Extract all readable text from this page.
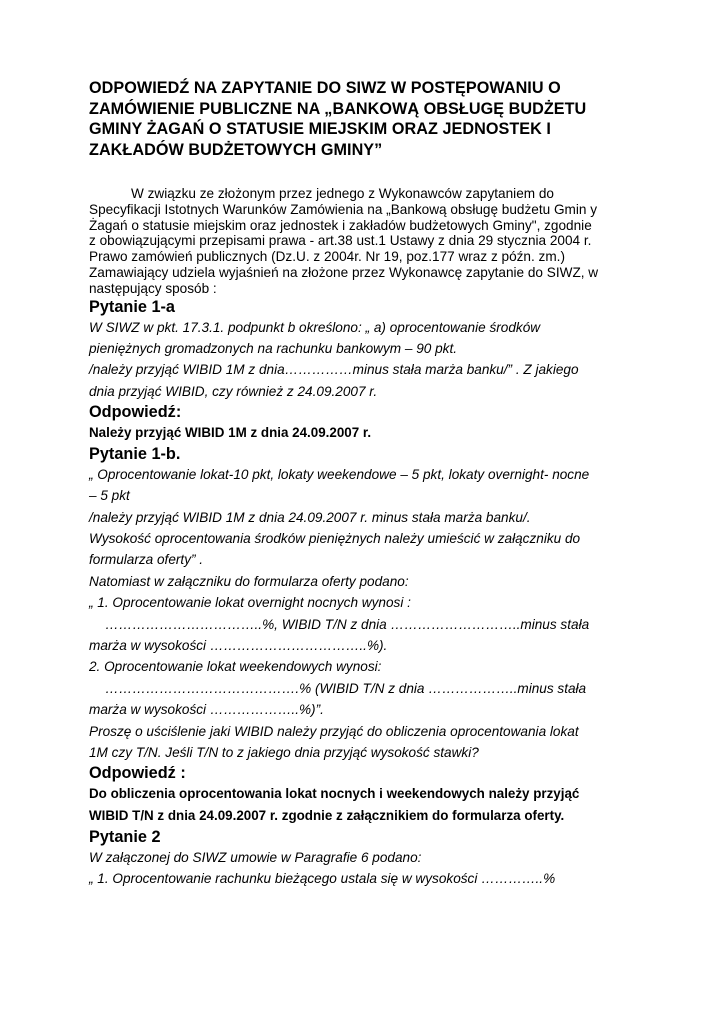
ODPOWIEDŹ NA ZAPYTANIE DO SIWZ W POSTĘPOWANIU O
ZAMÓWIENIE PUBLICZNE NA „BANKOWĄ OBSŁUGĘ BUDŻETU
GMINY ŻAGAŃ O STATUSIE MIEJSKIM ORAZ JEDNOSTEK I
ZAKŁADÓW BUDŻETOWYCH GMINY”
W związku ze złożonym przez jednego z Wykonawców zapytaniem do
Specyfikacji Istotnych Warunków Zamówienia na „Bankową obsługę budżetu Gmin y
Żagań o statusie miejskim oraz jednostek i zakładów budżetowych Gminy", zgodnie
z obowiązującymi przepisami prawa - art.38 ust.1 Ustawy z dnia 29 stycznia 2004 r.
Prawo zamówień publicznych (Dz.U. z 2004r. Nr 19, poz.177 wraz z późn. zm.)
Zamawiający udziela wyjaśnień na złożone przez Wykonawcę zapytanie do SIWZ, w
następujący sposób :
Pytanie 1-a
W SIWZ w pkt. 17.3.1. podpunkt b określono: „ a) oprocentowanie środków
pieniężnych gromadzonych na rachunku bankowym – 90 pkt.
/należy przyjąć WIBID 1M z dnia……………minus stała marża banku/” . Z jakiego
dnia przyjąć WIBID, czy również z 24.09.2007 r.
Odpowiedź:
Należy przyjąć WIBID 1M z dnia 24.09.2007 r.
Pytanie 1-b.
„ Oprocentowanie lokat-10 pkt, lokaty weekendowe – 5 pkt, lokaty overnight- nocne
– 5 pkt
/należy przyjąć WIBID 1M z dnia 24.09.2007 r. minus stała marża banku/.
Wysokość oprocentowania środków pieniężnych należy umieścić w załączniku do
formularza oferty” .
Natomiast w załączniku do formularza oferty podano:
„ 1. Oprocentowanie lokat overnight nocnych wynosi :
……………………………..%, WIBID T/N z dnia ………………………..minus stała
marża w wysokości ……………………………..%).
2. Oprocentowanie lokat weekendowych wynosi:
…………………………………….% (WIBID T/N z dnia ………………..minus stała
marża w wysokości ………………..%)”.
Proszę o uściślenie jaki WIBID należy przyjąć do obliczenia oprocentowania lokat
1M czy T/N. Jeśli T/N to z jakiego dnia przyjąć wysokość stawki?
Odpowiedź :
Do obliczenia oprocentowania lokat nocnych i weekendowych należy przyjąć
WIBID T/N z dnia 24.09.2007 r. zgodnie z załącznikiem do formularza oferty.
Pytanie 2
W załączonej do SIWZ umowie w Paragrafie 6 podano:
„ 1. Oprocentowanie rachunku bieżącego ustala się w wysokości …………..%
